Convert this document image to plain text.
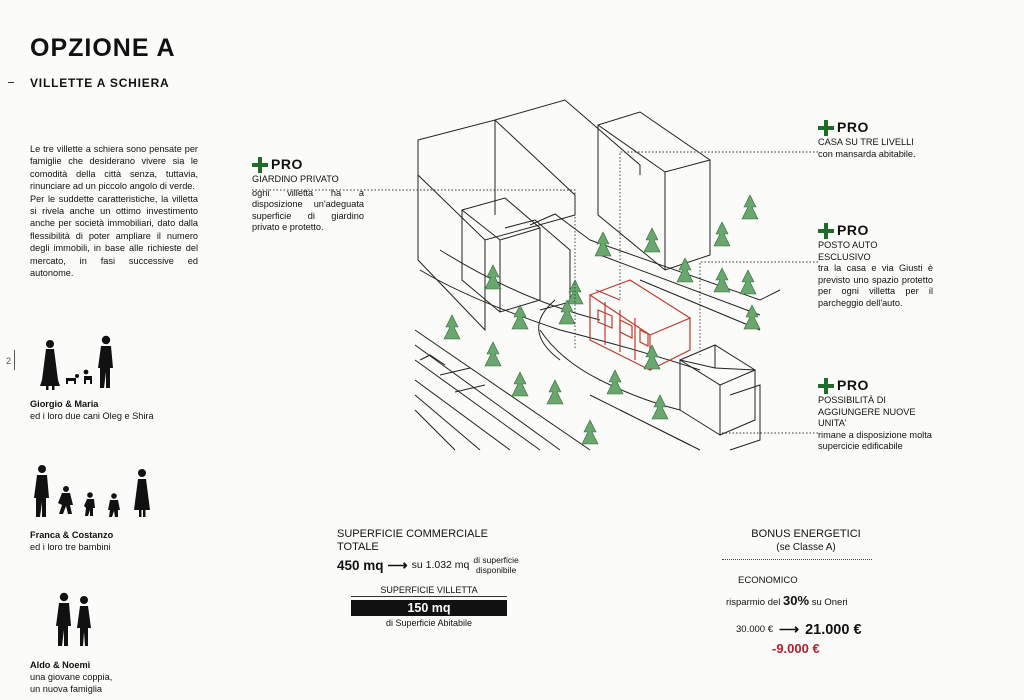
OPZIONE A
VILLETTE A SCHIERA

Le tre villette a schiera sono pensate per famiglie che desiderano vivere sia le comodità della città senza, tuttavia, rinunciare ad un piccolo angolo di verde.

Per le suddette caratteristiche, la villetta si rivela anche un ottimo investimento anche per società immobiliari, dato dalla flessibilità di poter ampliare il numero degli immobili, in base alle richieste del mercato, in fasi successive ed autonome.

2
Giorgio & Maria
ed i loro due cani Oleg e Shira
Franca & Costanzo
ed i loro tre bambini
Aldo & Noemi
una giovane coppia,
un nuova famiglia
PRO
GIARDINO PRIVATO
ogni villetta ha a disposizione un'adeguata superficie di giardino privato e protetto.
PRO
CASA SU TRE LIVELLI
con mansarda abitabile.
PRO
POSTO AUTO
ESCLUSIVO
tra la casa e via Giusti è previsto uno spazio protetto per ogni villetta per il parcheggio dell'auto.
PRO
POSSIBILITÀ DI
AGGIUNGERE NUOVE
UNITA'
rimane a disposizione molta supercicie edificabile
SUPERFICIE COMMERCIALE
TOTALE
450 mq ⟶ su 1.032 mq di superficie
disponibile
SUPERFICIE VILLETTA
150 mq
di Superficie Abitabile
BONUS ENERGETICI
(se Classe A)
ECONOMICO
risparmio del 30% su Oneri
30.000 € ⟶ 21.000 €
-9.000 €
